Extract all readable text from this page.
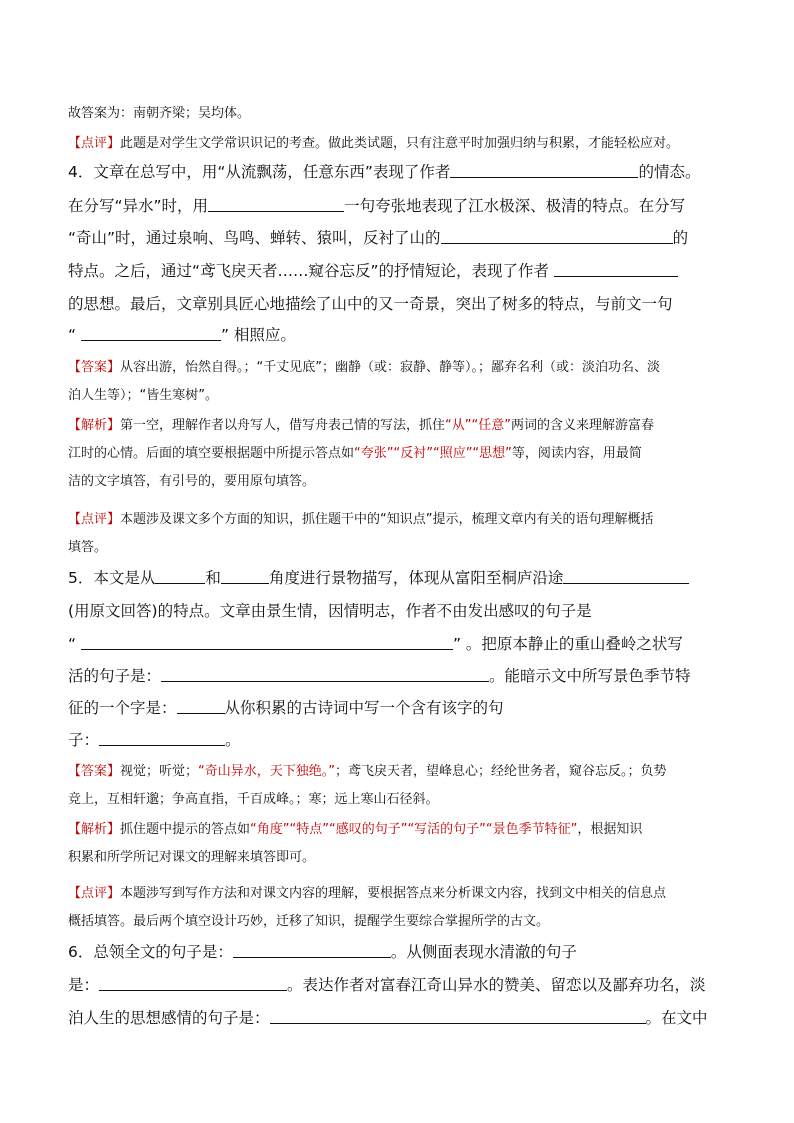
故答案为：南朝齐梁；吴均体。
【点评】此题是对学生文学常识识记的考查。做此类试题，只有注意平时加强归纳与积累，才能轻松应对。
4．文章在总写中，用“从流飘荡，任意东西”表现了作者	的情态。
在分写“异水”时，用	一句夸张地表现了江水极深、极清的特点。在分写
“奇山”时，通过泉响、鸟鸣、蝉转、猿叫，反衬了山的	的
特点。之后，通过“鸢飞戾天者……窥谷忘反”的抒情短论，表现了作者
的思想。最后，文章别具匠心地描绘了山中的又一奇景，突出了树多的特点，与前文一句
“	” 相照应。
【答案】从容出游，怡然自得。；“千丈见底”；幽静（或：寂静、静等）。；鄙弃名利（或：淡泊功名、淡
泊人生等）；“皆生寒树”。
【解析】第一空，理解作者以舟写人，借写舟表己情的写法，抓住“从”“任意”两词的含义来理解游富春
江时的心情。后面的填空要根据题中所提示答点如“夸张”“反衬”“照应”“思想”等，阅读内容，用最简
洁的文字填答，有引号的，要用原句填答。
【点评】本题涉及课文多个方面的知识，抓住题干中的“知识点”提示，梳理文章内有关的语句理解概括
填答。
5．本文是从	和	角度进行景物描写，体现从富阳至桐庐沿途
(用原文回答)的特点。文章由景生情，因情明志，作者不由发出感叹的句子是
“	” 。把原本静止的重山叠岭之状写
活的句子是：	。能暗示文中所写景色季节特
征的一个字是：	从你积累的古诗词中写一个含有该字的句
子：	。
【答案】视觉；听觉；“奇山异水，天下独绝。”；鸢飞戾天者，望峰息心；经纶世务者，窥谷忘反。；负势
竞上，互相轩邈；争高直指，千百成峰。；寒；远上寒山石径斜。
【解析】抓住题中提示的答点如“角度”“特点”“感叹的句子”“写活的句子”“景色季节特征”，根据知识
积累和所学所记对课文的理解来填答即可。
【点评】本题涉写到写作方法和对课文内容的理解，要根据答点来分析课文内容，找到文中相关的信息点
概括填答。最后两个填空设计巧妙，迁移了知识，提醒学生要综合掌握所学的古文。
6．总领全文的句子是：	。从侧面表现水清澈的句子
是：	。表达作者对富春江奇山异水的赞美、留恋以及鄙弃功名，淡
泊人生的思想感情的句子是：	。在文中
